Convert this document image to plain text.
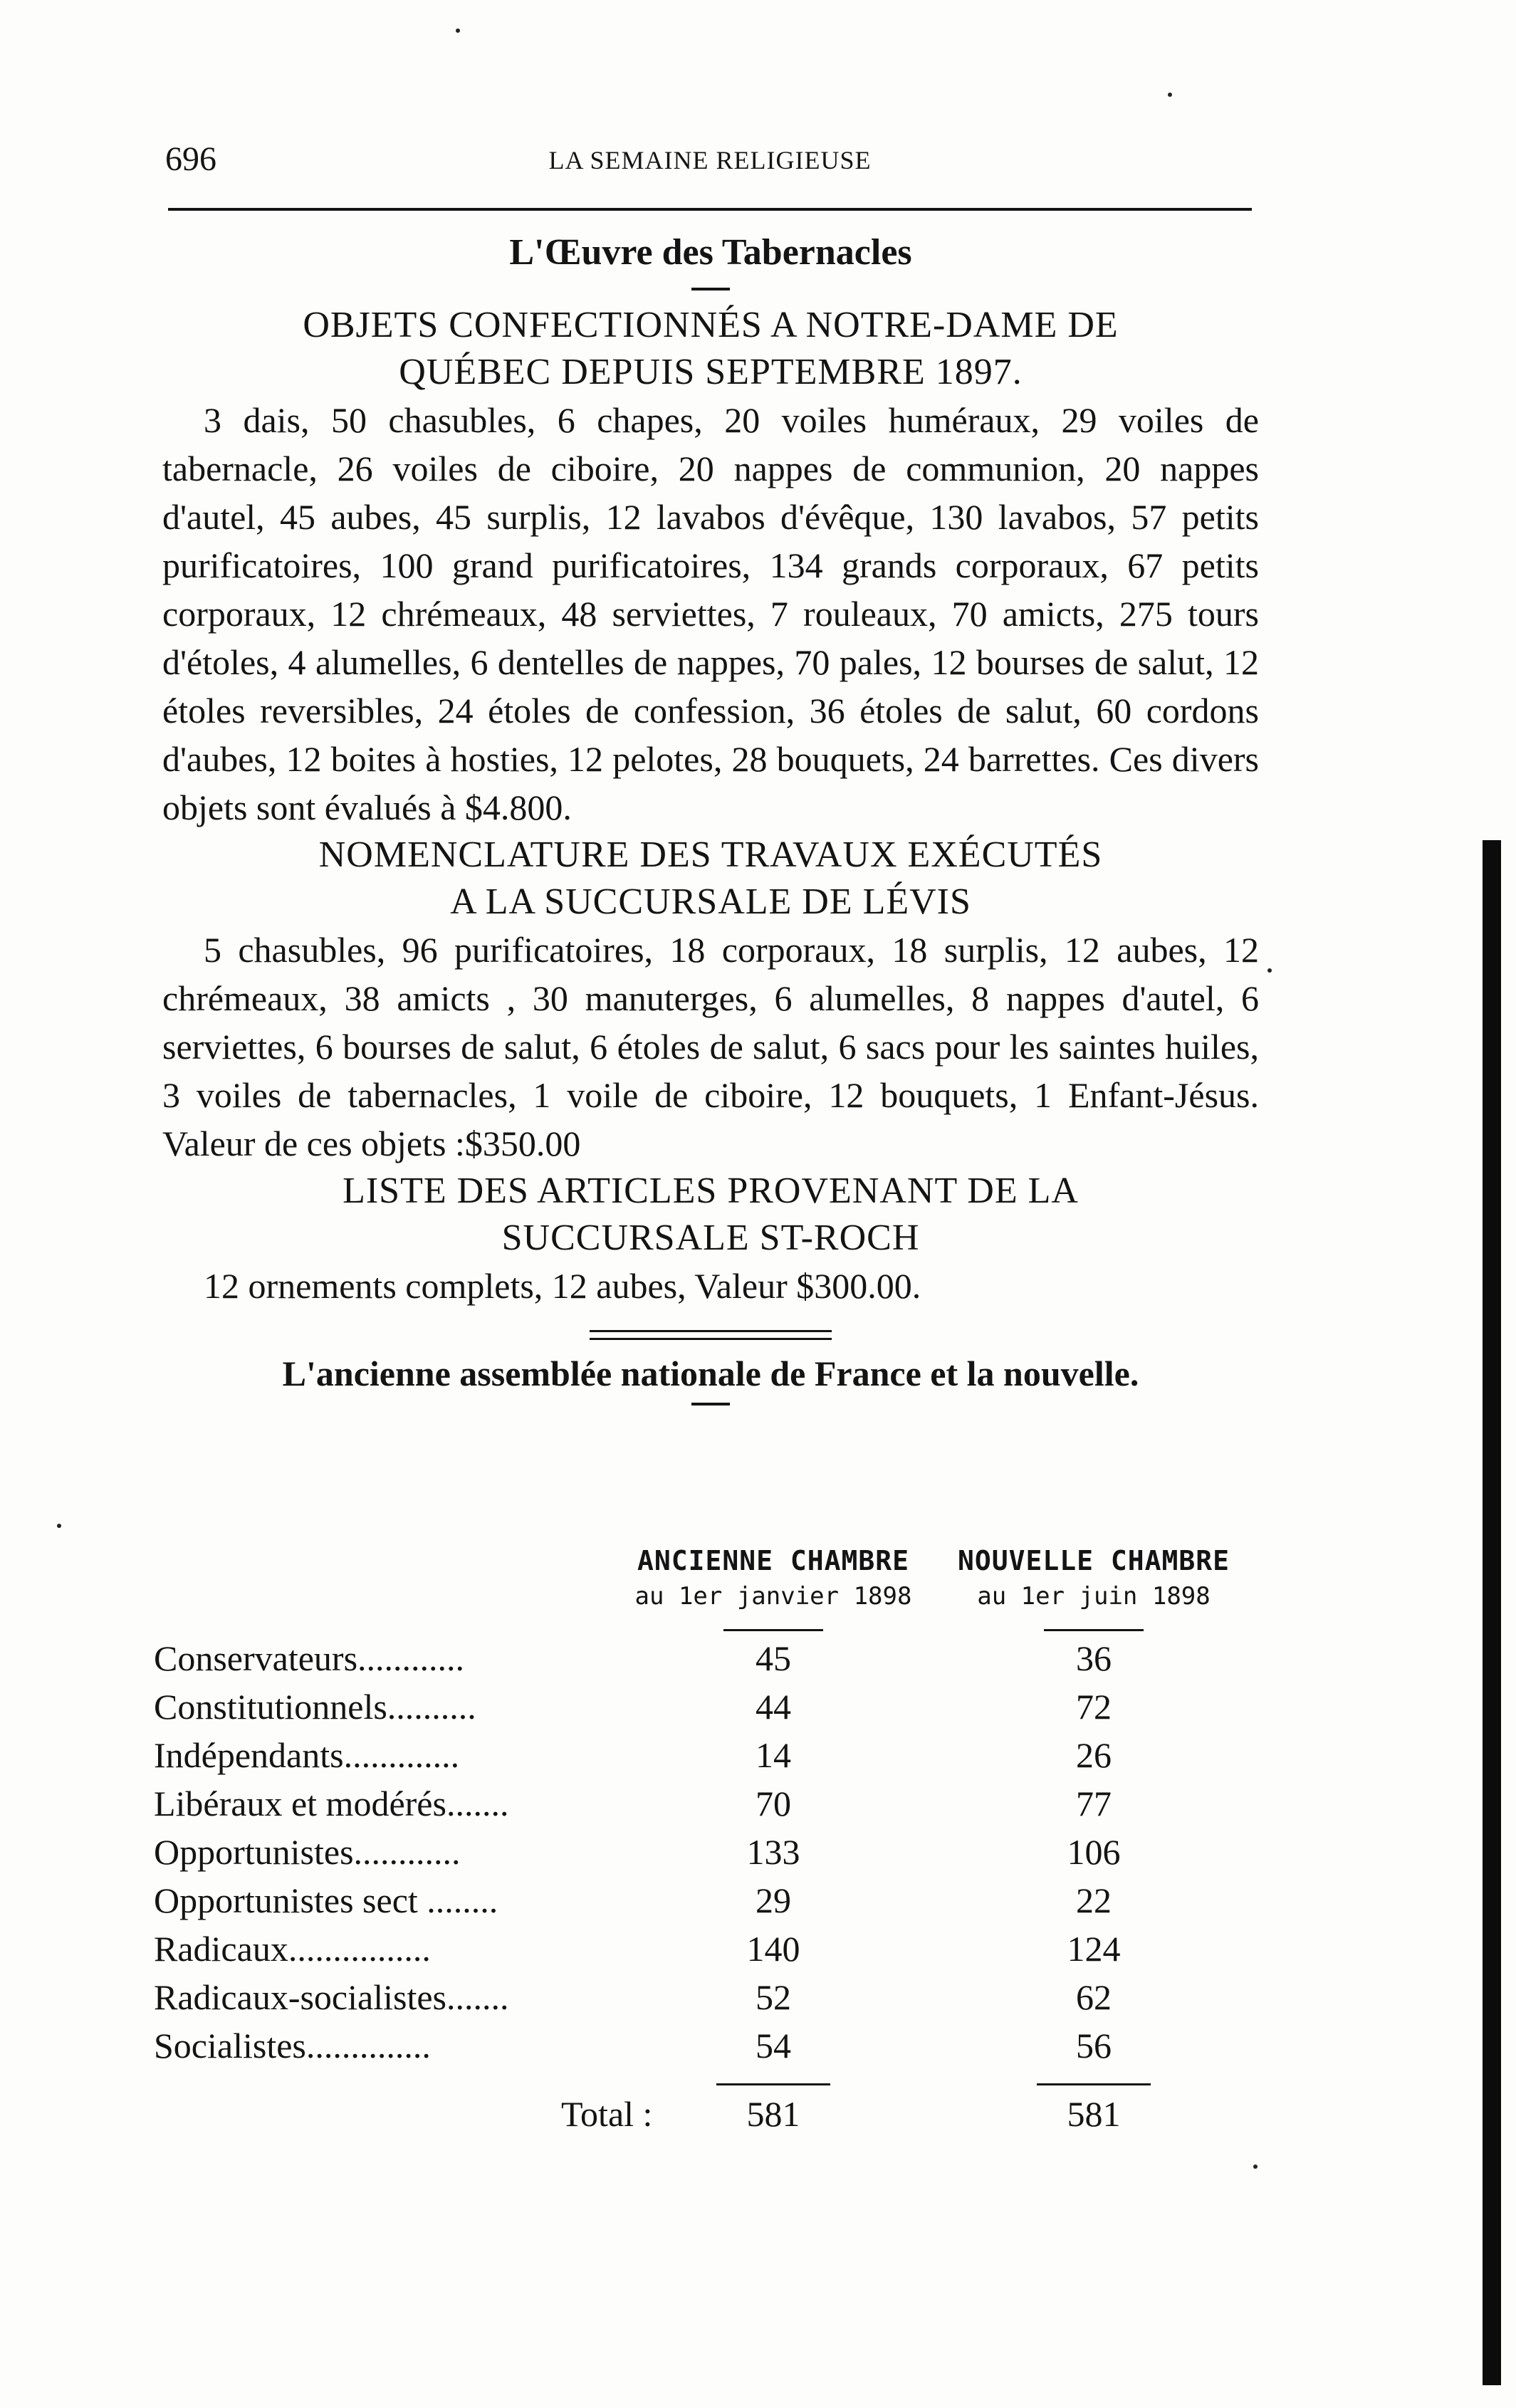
696	LA SEMAINE RELIGIEUSE
L'Œuvre des Tabernacles
OBJETS CONFECTIONNÉS A NOTRE-DAME DE
QUÉBEC DEPUIS SEPTEMBRE 1897.

3 dais, 50 chasubles, 6 chapes, 20 voiles huméraux, 29 voiles de tabernacle, 26 voiles de ciboire, 20 nappes de communion, 20 nappes d'autel, 45 aubes, 45 surplis, 12 lavabos d'évêque, 130 lavabos, 57 petits purificatoires, 100 grand purificatoires, 134 grands corporaux, 67 petits corporaux, 12 chrémeaux, 48 serviettes, 7 rouleaux, 70 amicts, 275 tours d'étoles, 4 alumelles, 6 dentelles de nappes, 70 pales, 12 bourses de salut, 12 étoles reversibles, 24 étoles de confession, 36 étoles de salut, 60 cordons d'aubes, 12 boites à hosties, 12 pelotes, 28 bouquets, 24 barrettes. Ces divers objets sont évalués à $4.800.

NOMENCLATURE DES TRAVAUX EXÉCUTÉS
A LA SUCCURSALE DE LÉVIS

5 chasubles, 96 purificatoires, 18 corporaux, 18 surplis, 12 aubes, 12 chrémeaux, 38 amicts , 30 manuterges, 6 alumelles, 8 nappes d'autel, 6 serviettes, 6 bourses de salut, 6 étoles de salut, 6 sacs pour les saintes huiles, 3 voiles de tabernacles, 1 voile de ciboire, 12 bouquets, 1 Enfant-Jésus. Valeur de ces objets :$350.00

LISTE DES ARTICLES PROVENANT DE LA
SUCCURSALE ST-ROCH

12 ornements complets, 12 aubes, Valeur $300.00.

L'ancienne assemblée nationale de France et la nouvelle.
ANCIENNE CHAMBRE
au 1er janvier 1898
NOUVELLE CHAMBRE
au 1er juin 1898
Conservateurs............	45	36
Constitutionnels..........	44	72
Indépendants.............	14	26
Libéraux et modérés.......	70	77
Opportunistes............	133	106
Opportunistes sect ........	29	22
Radicaux................	140	124
Radicaux-socialistes.......	52	62
Socialistes..............	54	56
Total :	581	581
